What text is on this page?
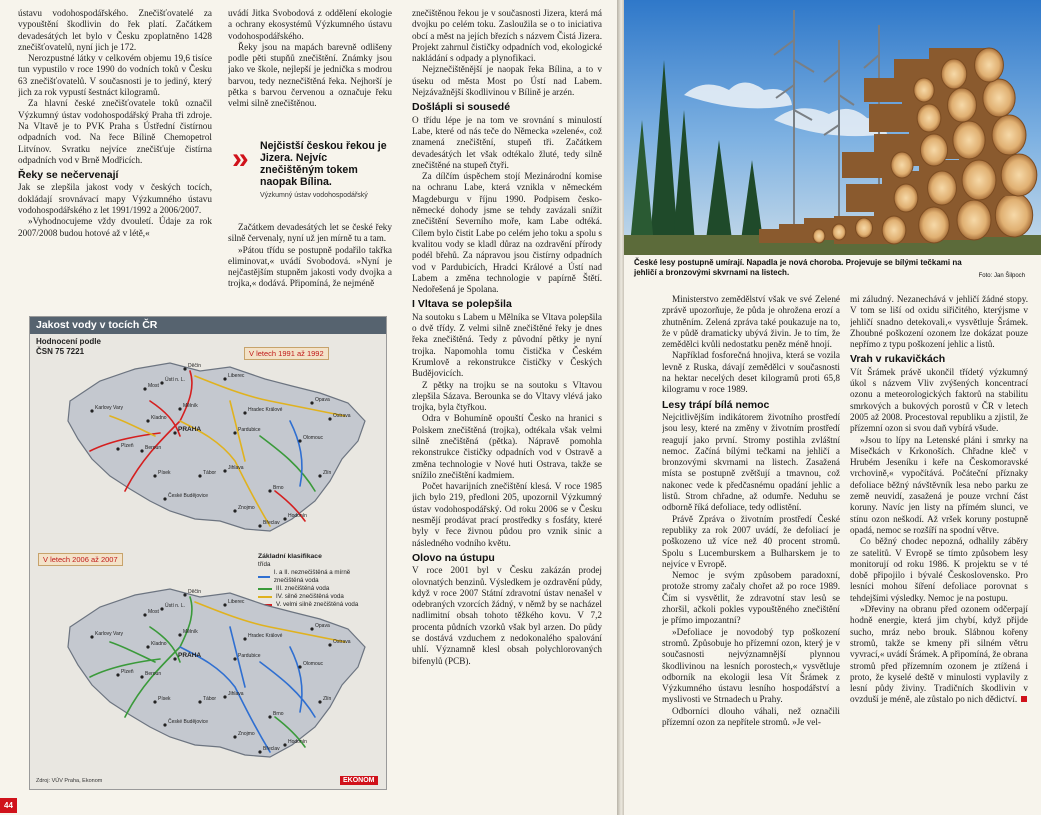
ústavu vodohospodářského. Znečišťovatelé za vypouštění škodlivin do řek platí. Začátkem devadesátých let bylo v Česku zpoplatněno 1428 znečišťovatelů, nyní jich je 172.

Nerozpustné látky v celkovém objemu 19,6 tisíce tun vypustilo v roce 1990 do vodních toků v Česku 63 znečišťovatelů. V současnosti je to jediný, který jich za rok vypustí šestnáct kilogramů.

Za hlavní české znečišťovatele toků označil Výzkumný ústav vodohospodářský Praha tři zdroje. Na Vltavě je to PVK Praha s Ústřední čistírnou odpadních vod. Na řece Bílině Chemopetrol Litvínov. Svratku nejvíce znečišťuje čistírna odpadních vod v Brně Modřicích.

Řeky se nečervenají

Jak se zlepšila jakost vody v českých tocích, dokládají srovnávací mapy Výzkumného ústavu vodohospodářského z let 1991/1992 a 2006/2007.

»Vyhodnocujeme vždy dvouletí. Údaje za rok 2007/2008 budou hotové až v létě,«

uvádí Jitka Svobodová z oddělení ekologie a ochrany ekosystémů Výzkumného ústavu vodohospodářského.

Řeky jsou na mapách barevně odlišeny podle pěti stupňů znečištění. Známky jsou jako ve škole, nejlepší je jednička s modrou barvou, tedy neznečištěná řeka. Nejhorší je pětka s barvou červenou a označuje řeku velmi silně znečištěnou.

» Nejčistší českou řekou je Jizera. Nejvíc znečištěným tokem naopak Bílina.
Výzkumný ústav vodohospodářský

Začátkem devadesátých let se české řeky silně červenaly, nyní už jen mírně tu a tam.

»Pátou třídu se postupně podařilo takřka eliminovat,« uvádí Svobodová. »Nyní je nejčastějším stupněm jakosti vody dvojka a trojka,« dodává. Připomíná, že nejméně

znečištěnou řekou je v současnosti Jizera, která má dvojku po celém toku. Zasloužila se o to iniciativa obcí a měst na jejích březích s názvem Čistá Jizera. Projekt zahrnul čističky odpadních vod, ekologické nakládání s odpady a plynofikaci.

Nejznečištěnější je naopak řeka Bílina, a to v úseku od města Most po Ústí nad Labem. Nejzávažnější škodlivinou v Bílině je arzén.

Došlápli si sousedé

O třídu lépe je na tom ve srovnání s minulostí Labe, které od nás teče do Německa »zelené«, což znamená znečištění, stupeň tři. Začátkem devadesátých let však odtékalo žluté, tedy silně znečištěné na stupeň čtyři.

Za dílčím úspěchem stojí Mezinárodní komise na ochranu Labe, která vznikla v německém Magdeburgu v říjnu 1990. Podpisem česko-německé dohody jsme se tehdy zavázali snížit znečištění Severního moře, kam Labe odtéká. Cílem bylo čistit Labe po celém jeho toku a spolu s kvalitou vody se kladl důraz na ozdravění přírody podél břehů. Za nápravou jsou čistírny odpadních vod v Pardubicích, Hradci Králové a Ústí nad Labem a změna technologie v papírně Štětí. Nedořešená je Spolana.

I Vltava se polepšila

Na soutoku s Labem u Mělníka se Vltava polepšila o dvě třídy. Z velmi silně znečištěné řeky je dnes řeka znečištěná. Tedy z původní pětky je nyní trojka. Napomohla tomu čistička v Českém Krumlově a rekonstrukce čističky v Českých Budějovicích.

Z pětky na trojku se na soutoku s Vltavou zlepšila Sázava. Berounka se do Vltavy vlévá jako trojka, byla čtyřkou.

Odra v Bohumíně opouští Česko na hranici s Polskem znečištěná (trojka), odtékala však velmi silně znečištěná (pětka). Nápravě pomohla rekonstrukce čističky odpadních vod v Ostravě a změna technologie v Nové huti Ostrava, takže se snížilo znečištění kadmiem.

Počet havarijních znečištění klesá. V roce 1985 jich bylo 219, předloni 205, upozornil Výzkumný ústav vodohospodářský. Od roku 2006 se v Česku nesmějí prodávat prací prostředky s fosfáty, které byly v řece živnou půdou pro vznik sinic a následného vodního květu.

Olovo na ústupu

V roce 2001 byl v Česku zakázán prodej olovnatých benzinů. Výsledkem je ozdravění půdy, když v roce 2007 Státní zdravotní ústav nenašel v odebraných vzorcích žádný, v němž by se nacházel nadlimitní obsah tohoto těžkého kovu. V 7,2 procenta půdních vzorků však byl arzen. Do půdy se dostává vzduchem z nedokonalého spalování uhlí. Významně klesl obsah polychlorovaných bifenylů (PCB).

Jakost vody v tocích ČR
Hodnocení podle
ČSN 75 7221	V letech 1991 až 1992
Děčín
Ústí n. L.
Liberec
Karlovy Vary	Mělník
PRAHA
Plzeň
Hradec Králové
Pardubice
Ostrava
Olomouc
Jihlava
České Budějovice
Brno
Zlín
Hodonín
Břeclav
Most
Kladno
Beroun
Tábor
Písek
Znojmo
Opava
V letech 2006 až 2007	Základní klasifikace
třída
I. a II. neznečištěná a mírně znečištěná voda
III. znečištěná voda
IV. silně znečištěná voda
V. velmi silně znečištěná voda
Děčín
Ústí n. L.
Liberec
Karlovy Vary	Mělník
PRAHA
Plzeň
Hradec Králové
Pardubice
Ostrava
Olomouc
Jihlava
České Budějovice
Brno
Zlín
Hodonín
Břeclav
Most
Kladno
Beroun
Tábor
Písek
Znojmo
Opava
Zdroj: VÚV Praha, Ekonom	EKONOM
44
České lesy postupně umírají. Napadla je nová choroba. Projevuje se bílými tečkami na jehličí a bronzovými skvrnami na listech.	Foto: Jan Šilpoch

Ministerstvo zemědělství však ve své Zelené zprávě upozorňuje, že půda je ohrožena erozí a zhutněním. Zelená zpráva také poukazuje na to, že v půdě dramaticky ubývá živin. Je to tím, že zemědělci kvůli nedostatku peněz méně hnojí.

Například fosforečná hnojiva, která se vozila levně z Ruska, dávají zemědělci v současnosti na hektar necelých deset kilogramů proti 65,8 kilogramu v roce 1989.

Lesy trápí bílá nemoc

Nejcitlivějším indikátorem životního prostředí jsou lesy, které na změny v životním prostředí reagují jako první. Stromy postihla zvláštní nemoc. Začíná bílými tečkami na jehličí a bronzovými skvrnami na listech. Zasažená místa se postupně zvětšují a tmavnou, což nakonec vede k předčasnému opadání jehlic a listů. Strom chřadne, až odumře. Neduhu se odborně říká defoliace, tedy odlistění.

Právě Zpráva o životním prostředí České republiky za rok 2007 uvádí, že defoliací je poškozeno už více než 40 procent stromů. Spolu s Lucemburskem a Bulharskem je to nejvíce v Evropě.

Nemoc je svým způsobem paradoxní, protože stromy začaly chořet až po roce 1989. Čím si vysvětlit, že zdravotní stav lesů se zhoršil, ačkoli pokles vypouštěného znečištění je přímo impozantní?

»Defoliace je novodobý typ poškození stromů. Způsobuje ho přízemní ozon, který je v současnosti nejvýznamnější plynnou škodlivinou na lesních porostech,« vysvětluje odborník na ekologii lesa Vít Šrámek z Výzkumného ústavu lesního hospodářství a myslivosti ve Strnadech u Prahy.

Odborníci dlouho váhali, než označili přízemní ozon za nepřítele stromů. »Je vel-

mi záludný. Nezanechává v jehličí žádné stopy. V tom se liší od oxidu siřičitého, kterýjsme v jehličí snadno detekovali,« vysvětluje Šrámek. Zhoubné poškození ozonem lze dokázat pouze nepřímo z typu poškození jehlic a listů.

Vrah v rukavičkách

Vít Šrámek právě ukončil třídetý výzkumný úkol s názvem Vliv zvýšených koncentrací ozonu a meteorologických faktorů na stabilitu smrkových a bukových porostů v ČR v letech 2005 až 2008. Procestoval republiku a zjistil, že přízemní ozon si svou daň vybírá všude.

»Jsou to lípy na Letenské pláni i smrky na Misečkách v Krkonoších. Chřadne kleč v Hrubém Jeseníku i keře na Českomoravské vrchovině,« vypočítává. Počáteční příznaky defoliace běžný návštěvník lesa nebo parku ze země neuvidí, zasažená je pouze vrchní část koruny. Navíc jen listy na přímém slunci, ve stínu ozon neškodí. Až vršek koruny postupně opadá, nemoc se rozšíří na spodní větve.

Co běžný chodec nepozná, odhalily záběry ze satelitů. V Evropě se tímto způsobem lesy monitorují od roku 1986. K projektu se v té době připojilo i bývalé Československo. Pro lesníci mohou šíření defoliace porovnat s tehdejšími výsledky. Nemoc je na postupu.

»Dřeviny na obranu před ozonem odčerpají hodně energie, která jim chybí, když přijde sucho, mráz nebo brouk. Slábnou kořeny stromů, takže se kmeny při silném větru vyvrací,« uvádí Šrámek. A připomíná, že obrana stromů před přízemním ozonem je ztížená i proto, že kyselé deště v minulosti vyplavily z lesní půdy živiny. Tradičních škodlivin v ovzduší je méně, ale zůstalo po nich dědictví.
